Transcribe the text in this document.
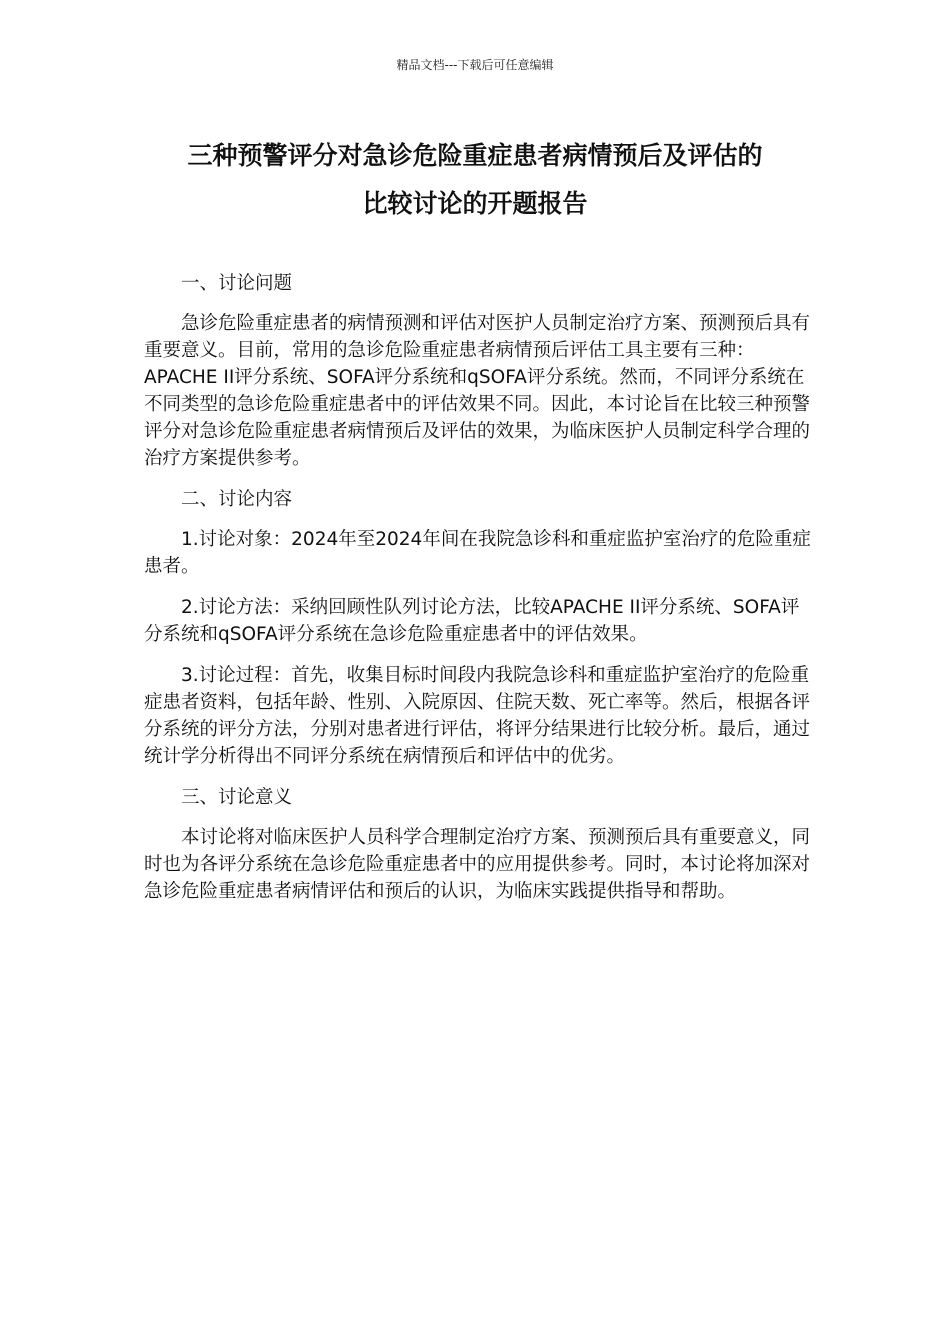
精品文档---下载后可任意编辑
三种预警评分对急诊危险重症患者病情预后及评估的
比较讨论的开题报告

一、讨论问题

急诊危险重症患者的病情预测和评估对医护人员制定治疗方案、预测预后具有重要意义。目前，常用的急诊危险重症患者病情预后评估工具主要有三种：APACHE II评分系统、SOFA评分系统和qSOFA评分系统。然而，不同评分系统在不同类型的急诊危险重症患者中的评估效果不同。因此，本讨论旨在比较三种预警评分对急诊危险重症患者病情预后及评估的效果，为临床医护人员制定科学合理的治疗方案提供参考。

二、讨论内容

1.讨论对象：2024年至2024年间在我院急诊科和重症监护室治疗的危险重症患者。

2.讨论方法：采纳回顾性队列讨论方法，比较APACHE II评分系统、SOFA评分系统和qSOFA评分系统在急诊危险重症患者中的评估效果。

3.讨论过程：首先，收集目标时间段内我院急诊科和重症监护室治疗的危险重症患者资料，包括年龄、性别、入院原因、住院天数、死亡率等。然后，根据各评分系统的评分方法，分别对患者进行评估，将评分结果进行比较分析。最后，通过统计学分析得出不同评分系统在病情预后和评估中的优劣。

三、讨论意义

本讨论将对临床医护人员科学合理制定治疗方案、预测预后具有重要意义，同时也为各评分系统在急诊危险重症患者中的应用提供参考。同时，本讨论将加深对急诊危险重症患者病情评估和预后的认识，为临床实践提供指导和帮助。
